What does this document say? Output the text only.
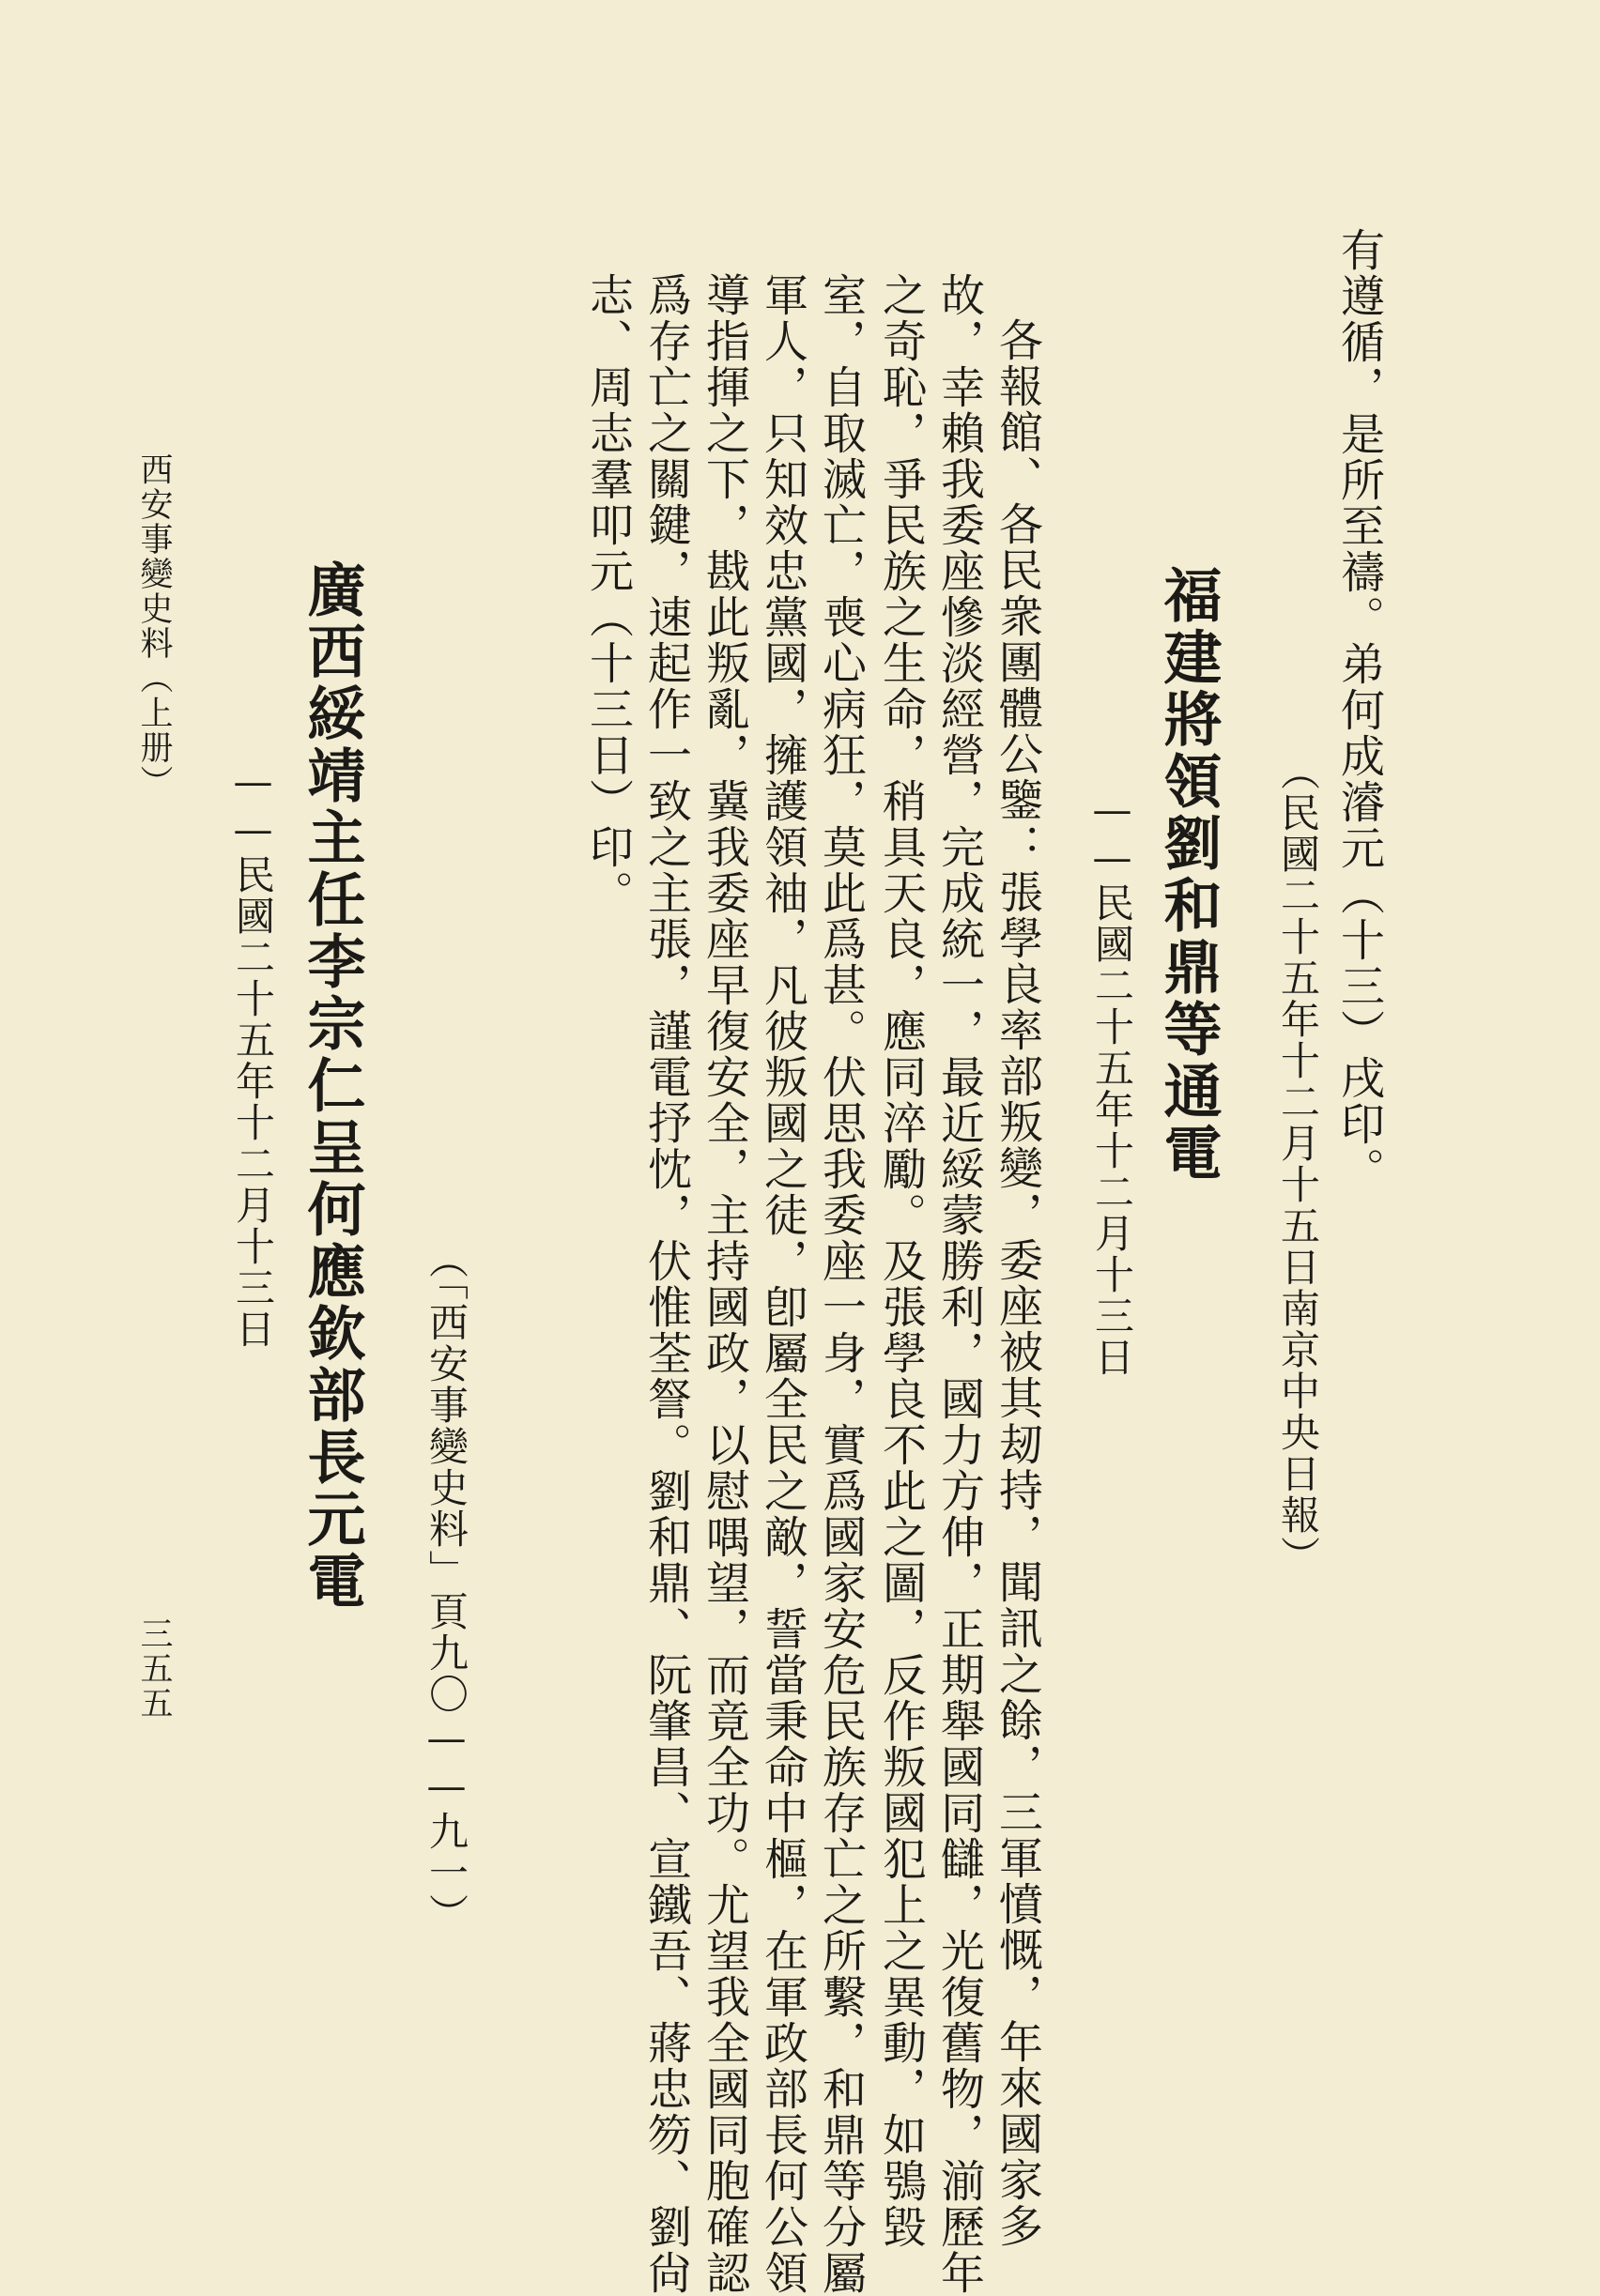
有遵循，是所至禱。弟何成濬元（十三）戌印。
（民國二十五年十二月十五日南京中央日報）
福建將領劉和鼎等通電
——民國二十五年十二月十三日
各報館、各民衆團體公鑒：張學良率部叛變，委座被其刼持，聞訊之餘，三軍憤慨，年來國家多
故，幸賴我委座慘淡經營，完成統一，最近綏蒙勝利，國力方伸，正期舉國同讎，光復舊物，湔歷年
之奇恥，爭民族之生命，稍具天良，應同淬勵。及張學良不此之圖，反作叛國犯上之異動，如鴞毀
室，自取滅亡，喪心病狂，莫此爲甚。伏思我委座一身，實爲國家安危民族存亡之所繫，和鼎等分屬
軍人，只知效忠黨國，擁護領袖，凡彼叛國之徒，卽屬全民之敵，誓當秉命中樞，在軍政部長何公領
導指揮之下，戡此叛亂，冀我委座早復安全，主持國政，以慰喁望，而竟全功。尤望我全國同胞確認
爲存亡之關鍵，速起作一致之主張，謹電抒忱，伏惟荃詧。劉和鼎、阮肇昌、宣鐵吾、蔣忠笏、劉尙
志、周志羣叩元（十三日）印。
（「西安事變史料」頁九〇——九一）
廣西綏靖主任李宗仁呈何應欽部長元電
——民國二十五年十二月十三日
西安事變史料（上册）
三五五
